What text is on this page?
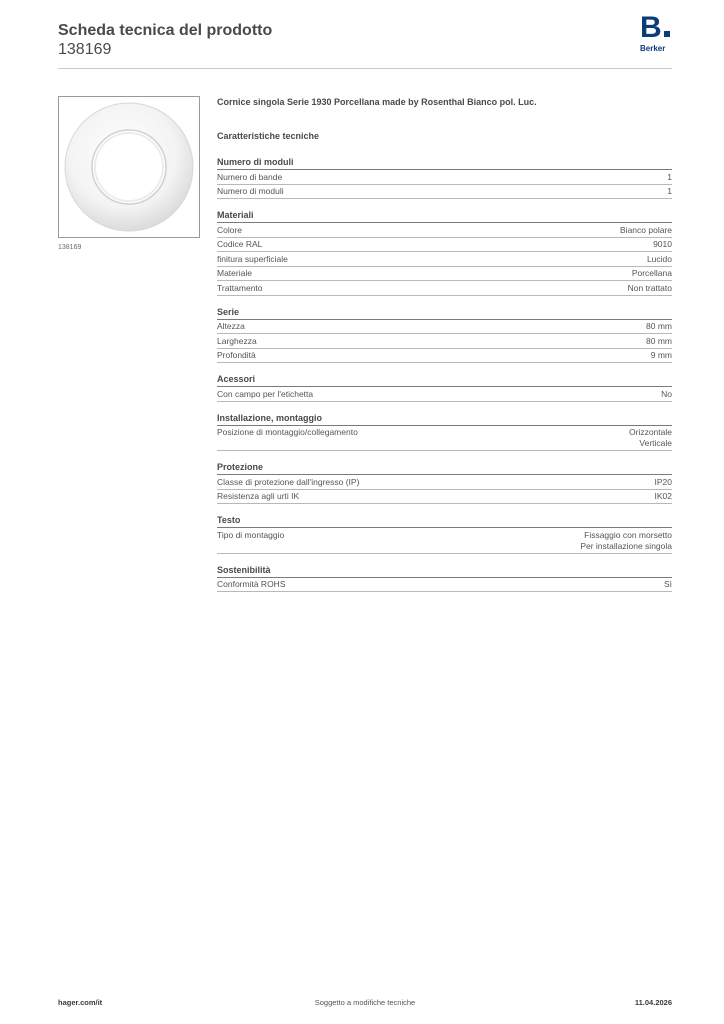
Scheda tecnica del prodotto
138169
B
Berker
138169
Cornice singola Serie 1930 Porcellana made by Rosenthal Bianco pol. Luc.
Caratteristiche tecniche
Numero di moduli
Numero di bande	1
Numero di moduli	1
Materiali
Colore	Bianco polare
Codice RAL	9010
finitura superficiale	Lucido
Materiale	Porcellana
Trattamento	Non trattato
Serie
Altezza	80 mm
Larghezza	80 mm
Profondità	9 mm
Acessori
Con campo per l'etichetta	No
Installazione, montaggio
Posizione di montaggio/collegamento	Orizzontale
Verticale
Protezione
Classe di protezione dall'ingresso (IP)	IP20
Resistenza agli urti IK	IK02
Testo
Tipo di montaggio	Fissaggio con morsetto
Per installazione singola
Sostenibilità
Conformità ROHS	Sì
hager.com/it	Soggetto a modifiche tecniche	11.04.2026
